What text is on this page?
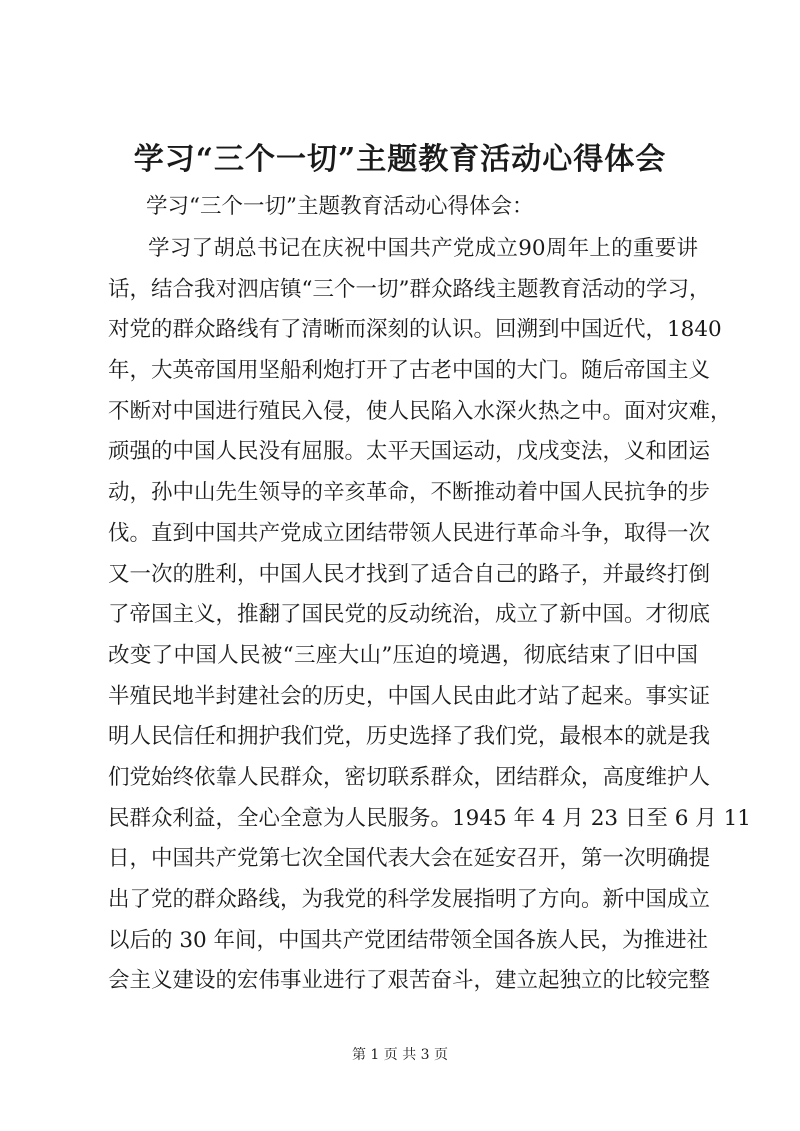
学习“三个一切”主题教育活动心得体会

学习“三个一切”主题教育活动心得体会：

学习了胡总书记在庆祝中国共产党成立90周年上的重要讲
话，结合我对泗店镇“三个一切”群众路线主题教育活动的学习，
对党的群众路线有了清晰而深刻的认识。回溯到中国近代，1840
年，大英帝国用坚船利炮打开了古老中国的大门。随后帝国主义
不断对中国进行殖民入侵，使人民陷入水深火热之中。面对灾难，
顽强的中国人民没有屈服。太平天国运动，戊戌变法，义和团运
动，孙中山先生领导的辛亥革命，不断推动着中国人民抗争的步
伐。直到中国共产党成立团结带领人民进行革命斗争，取得一次
又一次的胜利，中国人民才找到了适合自己的路子，并最终打倒
了帝国主义，推翻了国民党的反动统治，成立了新中国。才彻底
改变了中国人民被“三座大山”压迫的境遇，彻底结束了旧中国
半殖民地半封建社会的历史，中国人民由此才站了起来。事实证
明人民信任和拥护我们党，历史选择了我们党，最根本的就是我
们党始终依靠人民群众，密切联系群众，团结群众，高度维护人
民群众利益，全心全意为人民服务。1945 年 4 月 23 日至 6 月 11
日，中国共产党第七次全国代表大会在延安召开，第一次明确提
出了党的群众路线，为我党的科学发展指明了方向。新中国成立
以后的 30 年间，中国共产党团结带领全国各族人民，为推进社
会主义建设的宏伟事业进行了艰苦奋斗，建立起独立的比较完整
第 1 页 共 3 页
